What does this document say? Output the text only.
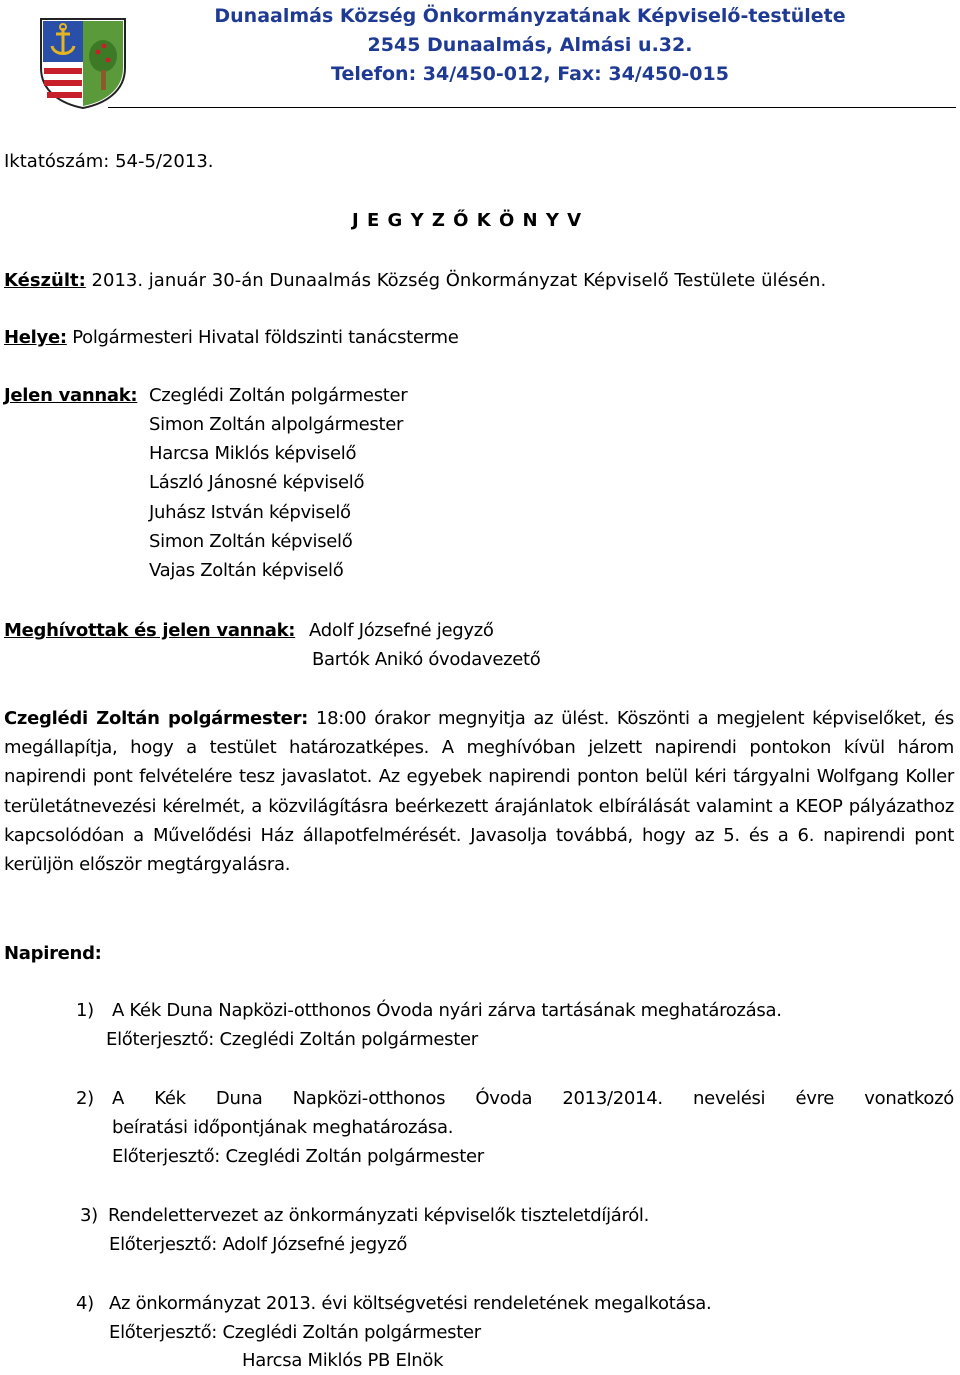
Dunaalmás Község Önkormányzatának Képviselő-testülete
2545 Dunaalmás, Almási u.32.
Telefon: 34/450-012, Fax: 34/450-015
Iktatószám: 54-5/2013.
J E G Y Z Ő K Ö N Y V
Készült: 2013. január 30-án Dunaalmás Község Önkormányzat Képviselő Testülete ülésén.
Helye: Polgármesteri Hivatal földszinti tanácsterme
Jelen vannak: Czeglédi Zoltán polgármester
Simon Zoltán alpolgármester
Harcsa Miklós képviselő
László Jánosné képviselő
Juhász István képviselő
Simon Zoltán képviselő
Vajas Zoltán képviselő
Meghívottak és jelen vannak: Adolf Józsefné jegyző
Bartók Anikó óvodavezető
Czeglédi Zoltán polgármester: 18:00 órakor megnyitja az ülést. Köszönti a megjelent képviselőket, és megállapítja, hogy a testület határozatképes. A meghívóban jelzett napirendi pontokon kívül három napirendi pont felvételére tesz javaslatot. Az egyebek napirendi ponton belül kéri tárgyalni Wolfgang Koller területátnevezési kérelmét, a közvilágításra beérkezett árajánlatok elbírálását valamint a KEOP pályázathoz kapcsolódóan a Művelődési Ház állapotfelmérését. Javasolja továbbá, hogy az 5. és a 6. napirendi pont kerüljön először megtárgyalásra.
Napirend:
1) A Kék Duna Napközi-otthonos Óvoda nyári zárva tartásának meghatározása.
Előterjesztő: Czeglédi Zoltán polgármester
2) A Kék Duna Napközi-otthonos Óvoda 2013/2014. nevelési évre vonatkozó
beíratási időpontjának meghatározása.
Előterjesztő: Czeglédi Zoltán polgármester
3) Rendelettervezet az önkormányzati képviselők tiszteletdíjáról.
Előterjesztő: Adolf Józsefné jegyző
4) Az önkormányzat 2013. évi költségvetési rendeletének megalkotása.
Előterjesztő: Czeglédi Zoltán polgármester
Harcsa Miklós PB Elnök
